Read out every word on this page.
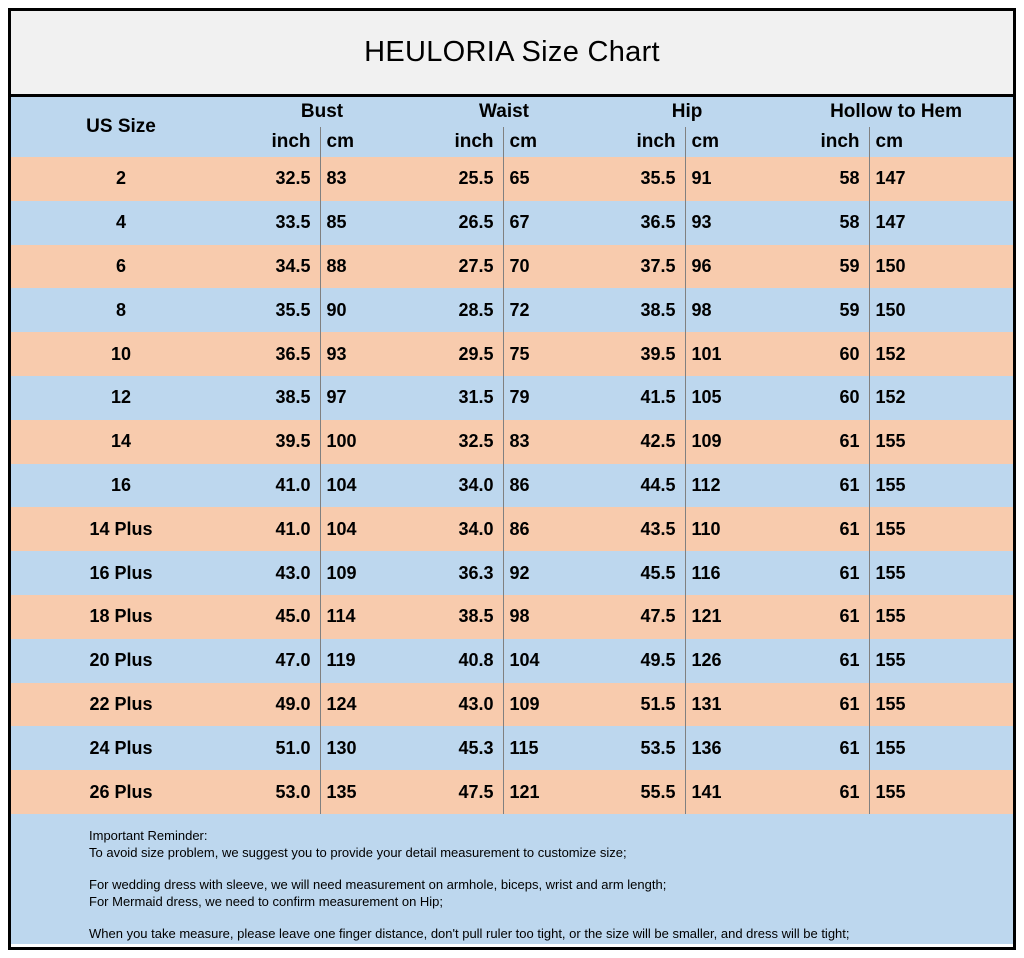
HEULORIA Size Chart
US Size	Bust		Waist		Hip		Hollow to Hem	
	inch	cm	inch	cm	inch	cm	inch	cm
2	32.5	83	25.5	65	35.5	91	58	147
4	33.5	85	26.5	67	36.5	93	58	147
6	34.5	88	27.5	70	37.5	96	59	150
8	35.5	90	28.5	72	38.5	98	59	150
10	36.5	93	29.5	75	39.5	101	60	152
12	38.5	97	31.5	79	41.5	105	60	152
14	39.5	100	32.5	83	42.5	109	61	155
16	41.0	104	34.0	86	44.5	112	61	155
14 Plus	41.0	104	34.0	86	43.5	110	61	155
16 Plus	43.0	109	36.3	92	45.5	116	61	155
18 Plus	45.0	114	38.5	98	47.5	121	61	155
20 Plus	47.0	119	40.8	104	49.5	126	61	155
22 Plus	49.0	124	43.0	109	51.5	131	61	155
24 Plus	51.0	130	45.3	115	53.5	136	61	155
26 Plus	53.0	135	47.5	121	55.5	141	61	155

Important Reminder:
To avoid size problem, we suggest you to provide your detail measurement to customize size;

For wedding dress with sleeve, we will need measurement on armhole, biceps, wrist and arm length;
For Mermaid dress, we need to confirm measurement on Hip;

When you take measure, please leave one finger distance, don't pull ruler too tight, or the size will be smaller, and dress will be tight;
